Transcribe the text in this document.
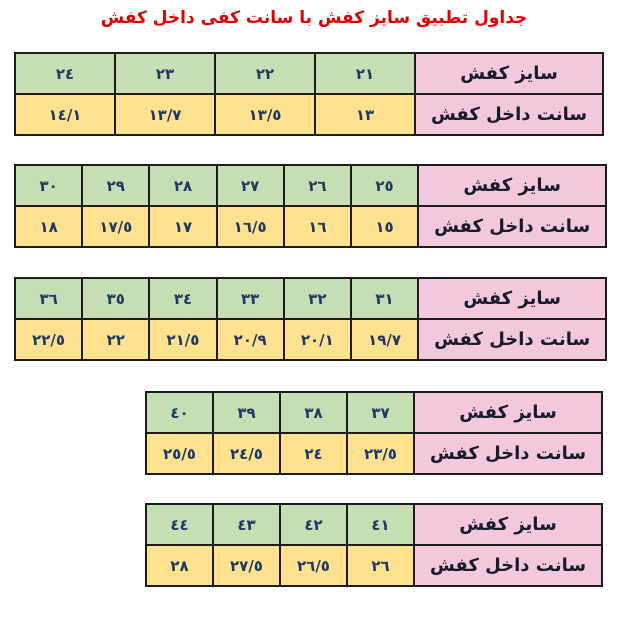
جداول تطبیق سایز کفش با سانت کفی داخل کفش
سایز کفش	٢١	٢٢	٢٣	٢٤
سانت داخل کفش	١٣	١٣/٥	١٣/٧	١٤/١
سایز کفش	٢٥	٢٦	٢٧	٢٨	٢٩	٣٠
سانت داخل کفش	١٥	١٦	١٦/٥	١٧	١٧/٥	١٨
سایز کفش	٣١	٣٢	٣٣	٣٤	٣٥	٣٦
سانت داخل کفش	١٩/٧	٢٠/١	٢٠/٩	٢١/٥	٢٢	٢٢/٥
سایز کفش	٣٧	٣٨	٣٩	٤٠
سانت داخل کفش	٢٣/٥	٢٤	٢٤/٥	٢٥/٥
سایز کفش	٤١	٤٢	٤٣	٤٤
سانت داخل کفش	٢٦	٢٦/٥	٢٧/٥	٢٨
